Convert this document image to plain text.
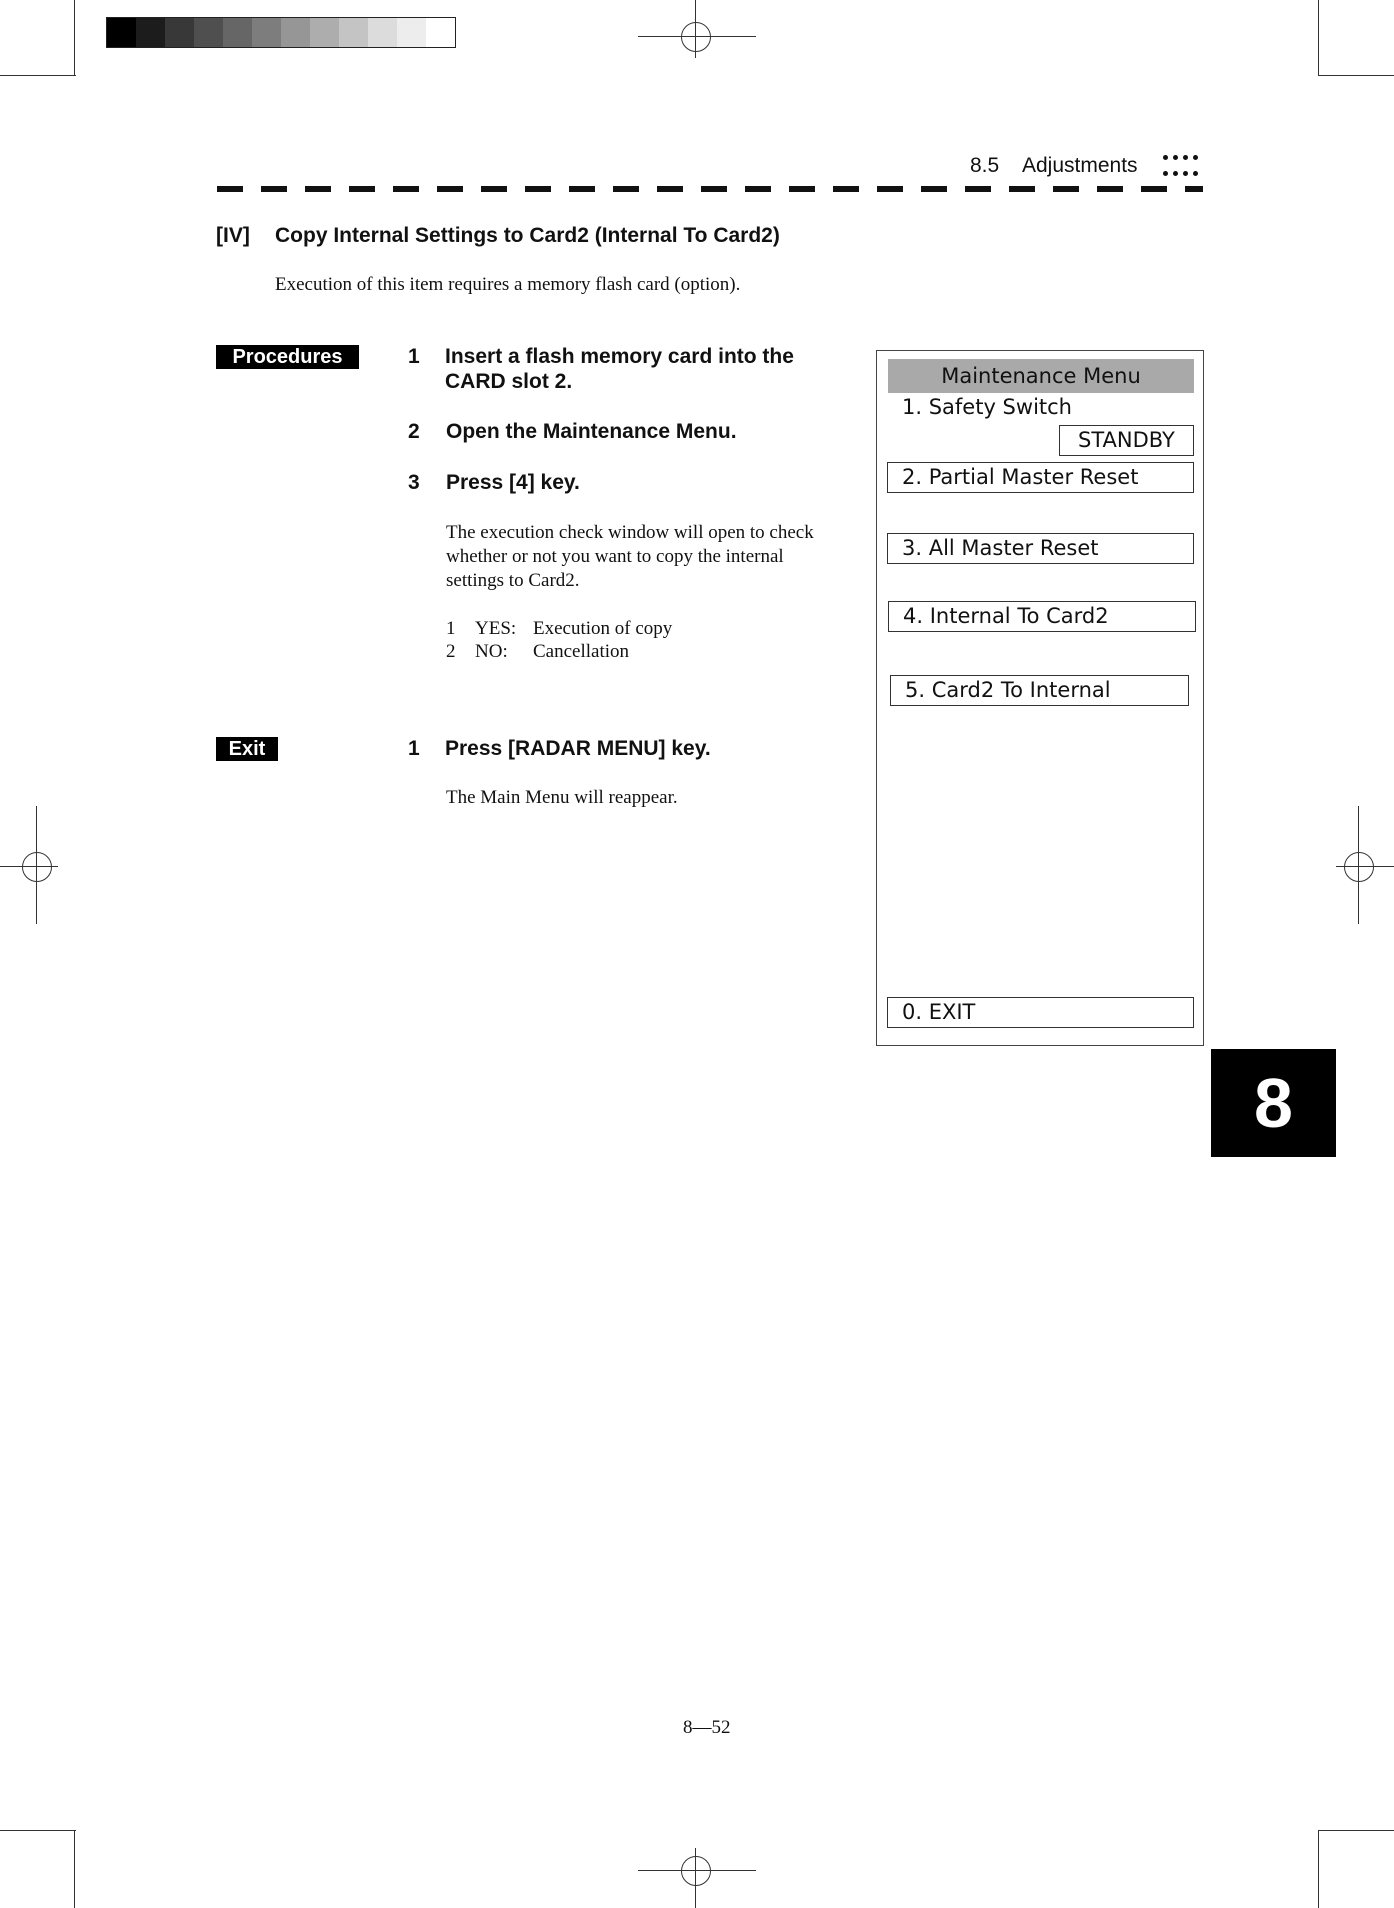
8.5 Adjustments
[IV] Copy Internal Settings to Card2 (Internal To Card2)
Execution of this item requires a memory flash card (option).
Procedures	1 Insert a flash memory card into the
CARD slot 2.
2 Open the Maintenance Menu.
3 Press [4] key.
The execution check window will open to check
whether or not you want to copy the internal
settings to Card2.
1 YES: Execution of copy
2 NO: Cancellation
Exit	1 Press [RADAR MENU] key.
The Main Menu will reappear.
Maintenance Menu
1. Safety Switch
STANDBY
2. Partial Master Reset
3. All Master Reset
4. Internal To Card2
5. Card2 To Internal
0. EXIT
8
8—52
